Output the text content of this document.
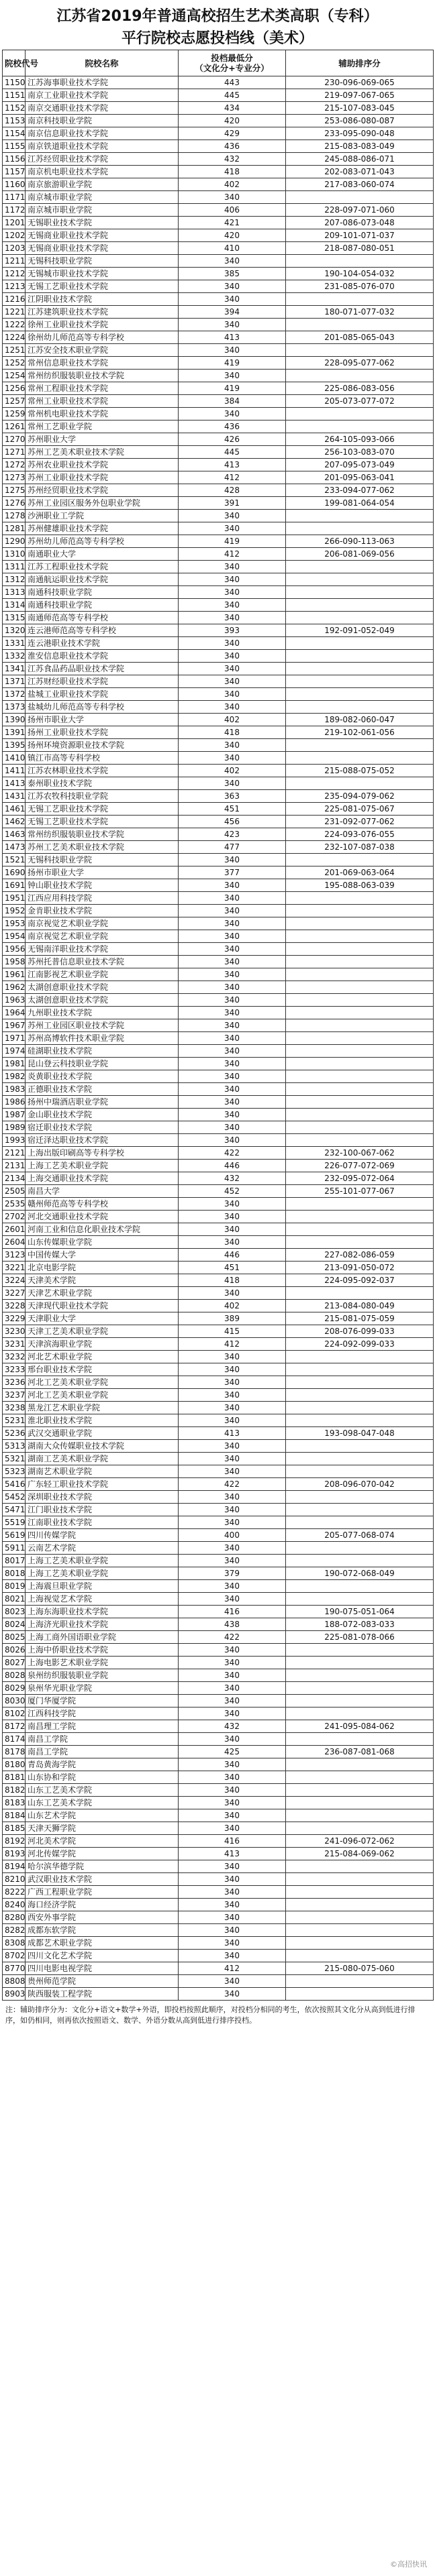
江苏省2019年普通高校招生艺术类高职（专科）
平行院校志愿投档线（美术）
院校代号	院校名称	投档最低分
（文化分+专业分）	辅助排序分
1150	江苏海事职业技术学院	443	230-096-069-065
1151	南京工业职业技术学院	445	219-097-067-065
1152	南京交通职业技术学院	434	215-107-083-045
1153	南京科技职业学院	420	253-086-080-087
1154	南京信息职业技术学院	429	233-095-090-048
1155	南京铁道职业技术学院	436	215-083-083-049
1156	江苏经贸职业技术学院	432	245-088-086-071
1157	南京机电职业技术学院	418	202-083-071-043
1160	南京旅游职业学院	402	217-083-060-074
1171	南京城市职业学院	340	
1172	南京城市职业学院	406	228-097-071-060
1201	无锡职业技术学院	421	207-086-073-048
1202	无锡商业职业技术学院	420	209-101-071-037
1203	无锡商业职业技术学院	410	218-087-080-051
1211	无锡科技职业学院	340	
1212	无锡城市职业技术学院	385	190-104-054-032
1213	无锡工艺职业技术学院	340	231-085-076-070
1216	江阴职业技术学院	340	
1221	江苏建筑职业技术学院	394	180-071-077-032
1222	徐州工业职业技术学院	340	
1224	徐州幼儿师范高等专科学校	413	201-085-065-043
1251	江苏安全技术职业学院	340	
1252	常州信息职业技术学院	419	228-095-077-062
1254	常州纺织服装职业技术学院	340	
1256	常州工程职业技术学院	419	225-086-083-056
1257	常州工业职业技术学院	384	205-073-077-072
1259	常州机电职业技术学院	340	
1261	常州工艺职业学院	436	
1270	苏州职业大学	426	264-105-093-066
1271	苏州工艺美术职业技术学院	445	256-103-083-070
1272	苏州农业职业技术学院	413	207-095-073-049
1273	苏州工业职业技术学院	412	201-095-063-041
1275	苏州经贸职业技术学院	428	233-094-077-062
1276	苏州工业园区服务外包职业学院	391	199-081-064-054
1278	沙洲职业工学院	340	
1281	苏州健雄职业技术学院	340	
1290	苏州幼儿师范高等专科学校	419	266-090-113-063
1310	南通职业大学	412	206-081-069-056
1311	江苏工程职业技术学院	340	
1312	南通航运职业技术学院	340	
1313	南通科技职业学院	340	
1314	南通科技职业学院	340	
1315	南通师范高等专科学校	340	
1320	连云港师范高等专科学校	393	192-091-052-049
1331	连云港职业技术学院	340	
1332	淮安信息职业技术学院	340	
1341	江苏食品药品职业技术学院	340	
1371	江苏财经职业技术学院	340	
1372	盐城工业职业技术学院	340	
1373	盐城幼儿师范高等专科学校	340	
1390	扬州市职业大学	402	189-082-060-047
1391	扬州工业职业技术学院	418	219-102-061-056
1395	扬州环境资源职业技术学院	340	
1410	镇江市高等专科学校	340	
1411	江苏农林职业技术学院	402	215-088-075-052
1413	泰州职业技术学院	340	
1431	江苏农牧科技职业学院	363	235-094-079-062
1461	无锡工艺职业技术学院	451	225-081-075-067
1462	无锡工艺职业技术学院	456	231-092-077-062
1463	常州纺织服装职业技术学院	423	224-093-076-055
1473	苏州工艺美术职业技术学院	477	232-107-087-038
1521	无锡科技职业学院	340	
1690	扬州市职业大学	377	201-069-063-064
1691	钟山职业技术学院	340	195-088-063-039
1951	江西应用科技学院	340	
1952	金肯职业技术学院	340	
1953	南京视觉艺术职业学院	340	
1954	南京视觉艺术职业学院	340	
1956	无锡南洋职业技术学院	340	
1958	苏州托普信息职业技术学院	340	
1961	江南影视艺术职业学院	340	
1962	太湖创意职业技术学院	340	
1963	太湖创意职业技术学院	340	
1964	九州职业技术学院	340	
1967	苏州工业园区职业技术学院	340	
1971	苏州高博软件技术职业学院	340	
1974	硅湖职业技术学院	340	
1981	昆山登云科技职业学院	340	
1982	炎黄职业技术学院	340	
1983	正德职业技术学院	340	
1986	扬州中瑞酒店职业学院	340	
1987	金山职业技术学院	340	
1989	宿迁职业技术学院	340	
1993	宿迁泽达职业技术学院	340	
2121	上海出版印刷高等专科学校	422	232-100-067-062
2131	上海工艺美术职业学院	446	226-077-072-069
2134	上海交通职业技术学院	432	232-095-072-064
2505	南昌大学	452	255-101-077-067
2535	赣州师范高等专科学校	340	
2702	河北交通职业技术学院	340	
2601	河南工业和信息化职业技术学院	340	
2604	山东传媒职业学院	340	
3123	中国传媒大学	446	227-082-086-059
3221	北京电影学院	451	213-091-050-072
3224	天津美术学院	418	224-095-092-037
3227	天津艺术职业学院	340	
3228	天津现代职业技术学院	402	213-084-080-049
3229	天津职业大学	389	215-081-075-059
3230	天津工艺美术职业学院	415	208-076-099-033
3231	天津滨海职业学院	412	224-092-099-033
3232	河北艺术职业学院	340	
3233	邢台职业技术学院	340	
3236	河北工艺美术职业学院	340	
3237	河北工艺美术职业学院	340	
3238	黑龙江艺术职业学院	340	
5231	淮北职业技术学院	340	
5236	武汉交通职业学院	413	193-098-047-048
5313	湖南大众传媒职业技术学院	340	
5321	湖南工艺美术职业学院	340	
5323	湖南艺术职业学院	340	
5416	广东轻工职业技术学院	422	208-096-070-042
5452	深圳职业技术学院	340	
5471	江门职业技术学院	340	
5519	江南职业技术学院	340	
5619	四川传媒学院	400	205-077-068-074
5911	云南艺术学院	340	
8017	上海工艺美术职业学院	340	
8018	上海工艺美术职业学院	379	190-072-068-049
8019	上海震旦职业学院	340	
8021	上海视觉艺术学院	340	
8023	上海东海职业技术学院	416	190-075-051-064
8024	上海济光职业技术学院	438	188-072-083-033
8025	上海工商外国语职业学院	422	225-081-078-066
8026	上海中侨职业技术学院	340	
8027	上海电影艺术职业学院	340	
8028	泉州纺织服装职业学院	340	
8029	泉州华光职业学院	340	
8030	厦门华厦学院	340	
8102	江西科技学院	340	
8172	南昌理工学院	432	241-095-084-062
8174	南昌工学院	340	
8178	南昌工学院	425	236-087-081-068
8180	青岛黄海学院	340	
8181	山东协和学院	340	
8182	山东工艺美术学院	340	
8183	山东工艺美术学院	340	
8184	山东艺术学院	340	
8185	天津天狮学院	340	
8192	河北美术学院	416	241-096-072-062
8193	河北传媒学院	413	215-084-069-062
8194	哈尔滨华德学院	340	
8210	武汉职业技术学院	340	
8222	广西工程职业学院	340	
8240	海口经济学院	340	
8280	西安外事学院	340	
8282	成都东软学院	340	
8308	成都艺术职业学院	340	
8702	四川文化艺术学院	340	
8770	四川电影电视学院	412	215-080-075-060
8808	贵州师范学院	340	
8903	陕西服装工程学院	340	
注：辅助排序分为：文化分+语文+数学+外语，即投档按照此顺序，对投档分相同的考生，依次按照其文化分从高到低进行排序，如仍相同，则再依次按照语文、数学、外语分数从高到低进行排序投档。
©高招快讯
